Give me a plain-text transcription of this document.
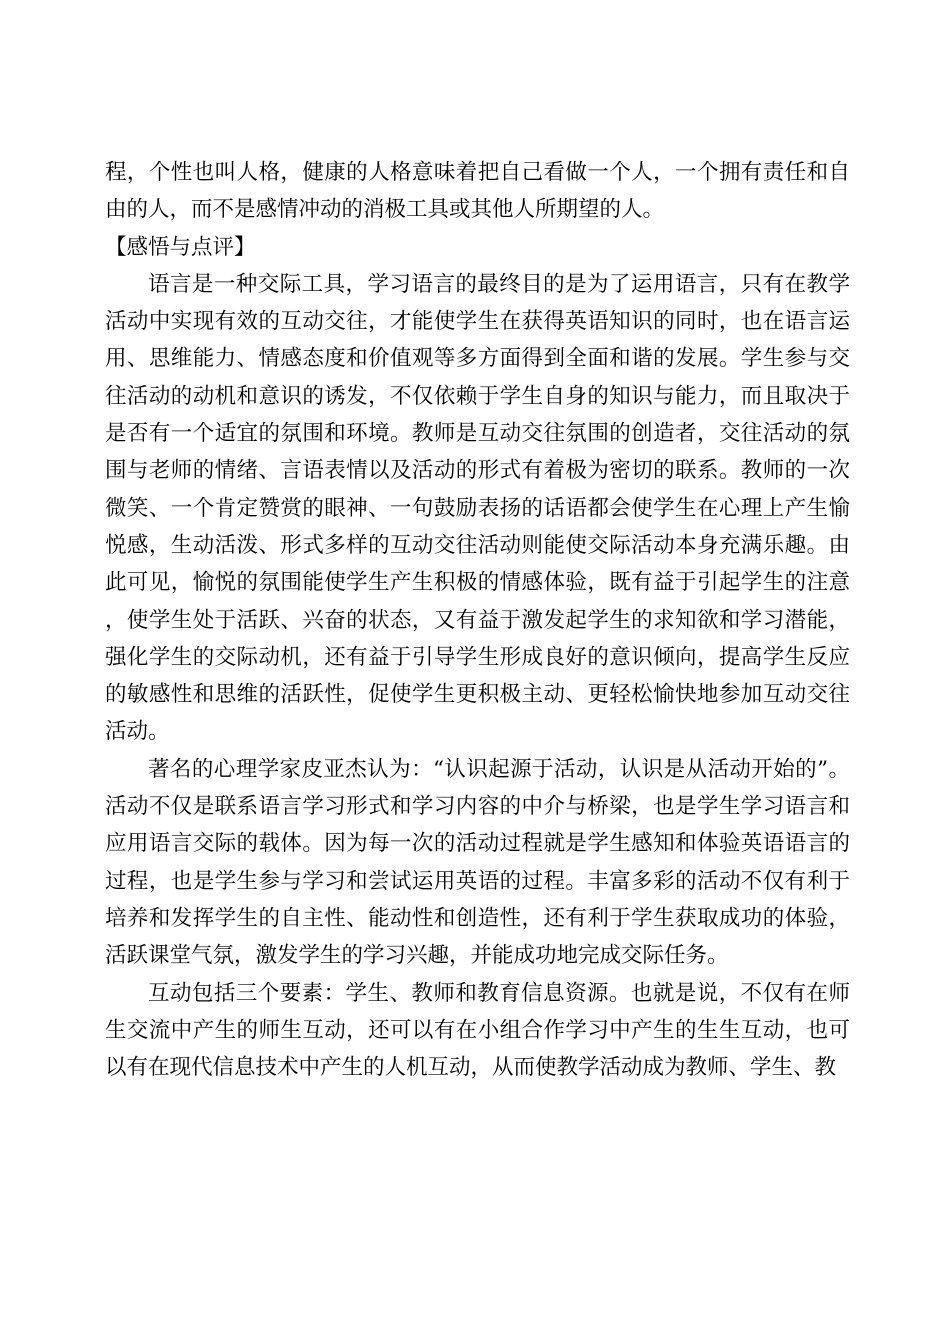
程，个性也叫人格，健康的人格意味着把自己看做一个人，一个拥有责任和自由的人，而不是感情冲动的消极工具或其他人所期望的人。

【感悟与点评】

语言是一种交际工具，学习语言的最终目的是为了运用语言，只有在教学活动中实现有效的互动交往，才能使学生在获得英语知识的同时，也在语言运用、思维能力、情感态度和价值观等多方面得到全面和谐的发展。学生参与交往活动的动机和意识的诱发，不仅依赖于学生自身的知识与能力，而且取决于是否有一个适宜的氛围和环境。教师是互动交往氛围的创造者，交往活动的氛围与老师的情绪、言语表情以及活动的形式有着极为密切的联系。教师的一次微笑、一个肯定赞赏的眼神、一句鼓励表扬的话语都会使学生在心理上产生愉悦感，生动活泼、形式多样的互动交往活动则能使交际活动本身充满乐趣。由此可见，愉悦的氛围能使学生产生积极的情感体验，既有益于引起学生的注意，使学生处于活跃、兴奋的状态，又有益于激发起学生的求知欲和学习潜能，强化学生的交际动机，还有益于引导学生形成良好的意识倾向，提高学生反应的敏感性和思维的活跃性，促使学生更积极主动、更轻松愉快地参加互动交往活动。

著名的心理学家皮亚杰认为：“认识起源于活动，认识是从活动开始的”。活动不仅是联系语言学习形式和学习内容的中介与桥梁，也是学生学习语言和应用语言交际的载体。因为每一次的活动过程就是学生感知和体验英语语言的过程，也是学生参与学习和尝试运用英语的过程。丰富多彩的活动不仅有利于培养和发挥学生的自主性、能动性和创造性，还有利于学生获取成功的体验，活跃课堂气氛，激发学生的学习兴趣，并能成功地完成交际任务。

互动包括三个要素：学生、教师和教育信息资源。也就是说，不仅有在师生交流中产生的师生互动，还可以有在小组合作学习中产生的生生互动，也可以有在现代信息技术中产生的人机互动，从而使教学活动成为教师、学生、教
